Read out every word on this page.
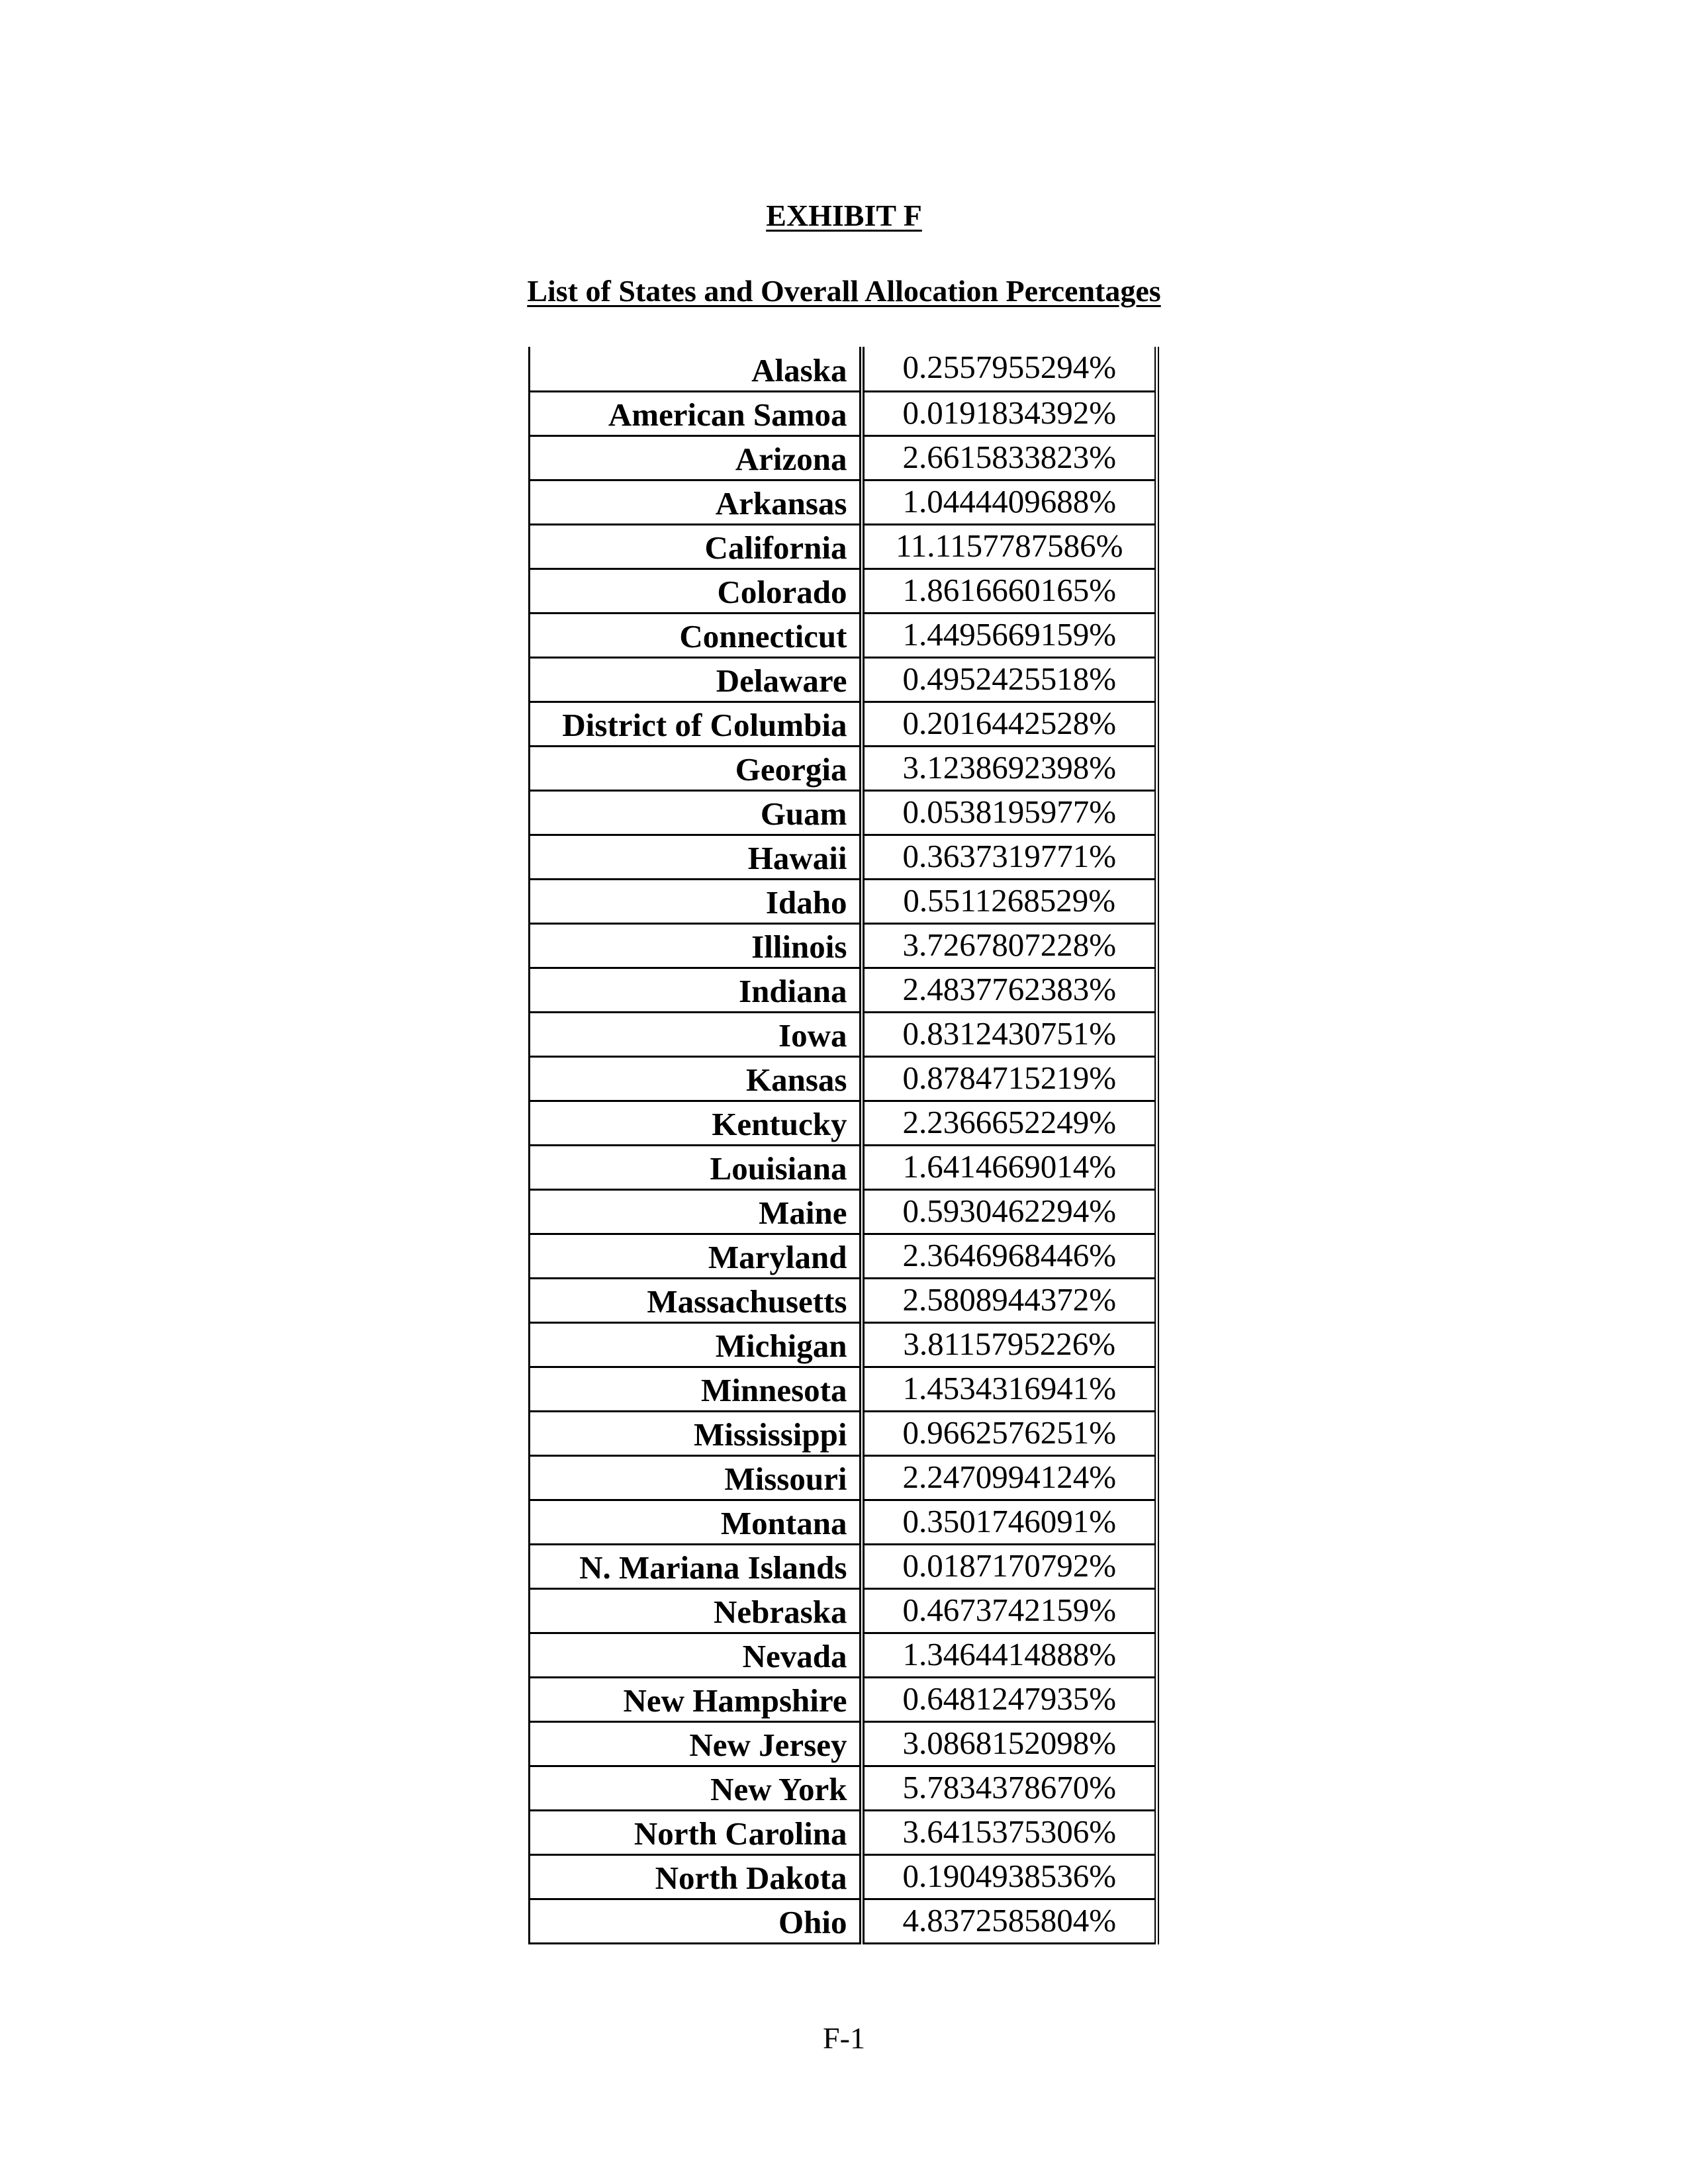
EXHIBIT F
List of States and Overall Allocation Percentages
Alaska	0.2557955294%
American Samoa	0.0191834392%
Arizona	2.6615833823%
Arkansas	1.0444409688%
California	11.1157787586%
Colorado	1.8616660165%
Connecticut	1.4495669159%
Delaware	0.4952425518%
District of Columbia	0.2016442528%
Georgia	3.1238692398%
Guam	0.0538195977%
Hawaii	0.3637319771%
Idaho	0.5511268529%
Illinois	3.7267807228%
Indiana	2.4837762383%
Iowa	0.8312430751%
Kansas	0.8784715219%
Kentucky	2.2366652249%
Louisiana	1.6414669014%
Maine	0.5930462294%
Maryland	2.3646968446%
Massachusetts	2.5808944372%
Michigan	3.8115795226%
Minnesota	1.4534316941%
Mississippi	0.9662576251%
Missouri	2.2470994124%
Montana	0.3501746091%
N. Mariana Islands	0.0187170792%
Nebraska	0.4673742159%
Nevada	1.3464414888%
New Hampshire	0.6481247935%
New Jersey	3.0868152098%
New York	5.7834378670%
North Carolina	3.6415375306%
North Dakota	0.1904938536%
Ohio	4.8372585804%
F-1
